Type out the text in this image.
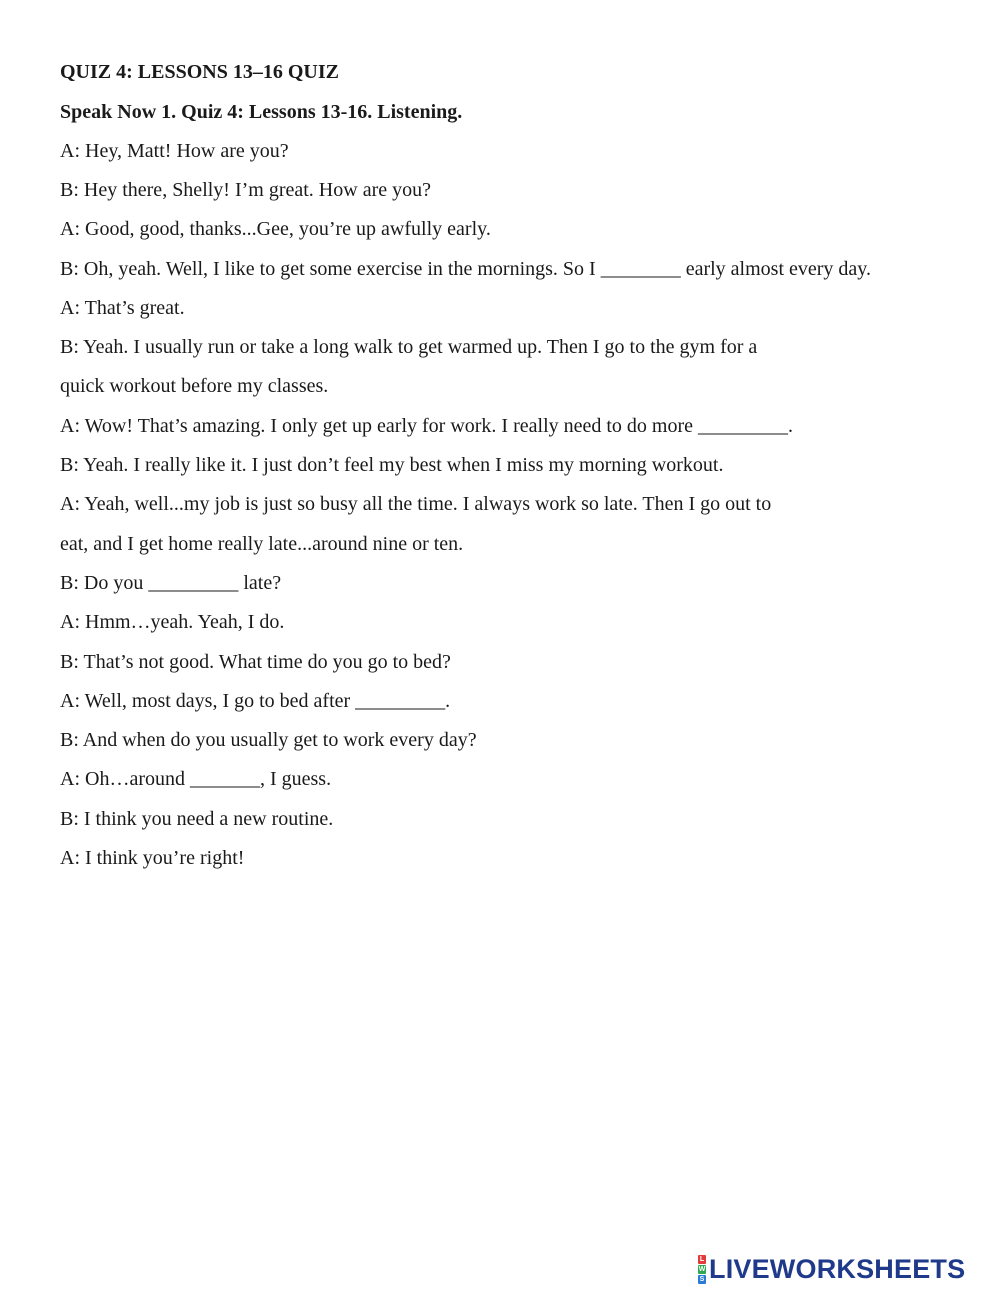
QUIZ 4: LESSONS 13–16 QUIZ
Speak Now 1. Quiz 4: Lessons 13-16. Listening.
A: Hey, Matt! How are you?
B: Hey there, Shelly! I’m great. How are you?
A: Good, good, thanks...Gee, you’re up awfully early.
B: Oh, yeah. Well, I like to get some exercise in the mornings. So I ________ early almost every day.
A: That’s great.
B: Yeah. I usually run or take a long walk to get warmed up. Then I go to the gym for a
quick workout before my classes.
A: Wow! That’s amazing. I only get up early for work. I really need to do more _________.
B: Yeah. I really like it. I just don’t feel my best when I miss my morning workout.
A: Yeah, well...my job is just so busy all the time. I always work so late. Then I go out to
eat, and I get home really late...around nine or ten.
B: Do you _________ late?
A: Hmm…yeah. Yeah, I do.
B: That’s not good. What time do you go to bed?
A: Well, most days, I go to bed after _________.
B: And when do you usually get to work every day?
A: Oh…around _______, I guess.
B: I think you need a new routine.
A: I think you’re right!
L
W
S LIVEWORKSHEETS
